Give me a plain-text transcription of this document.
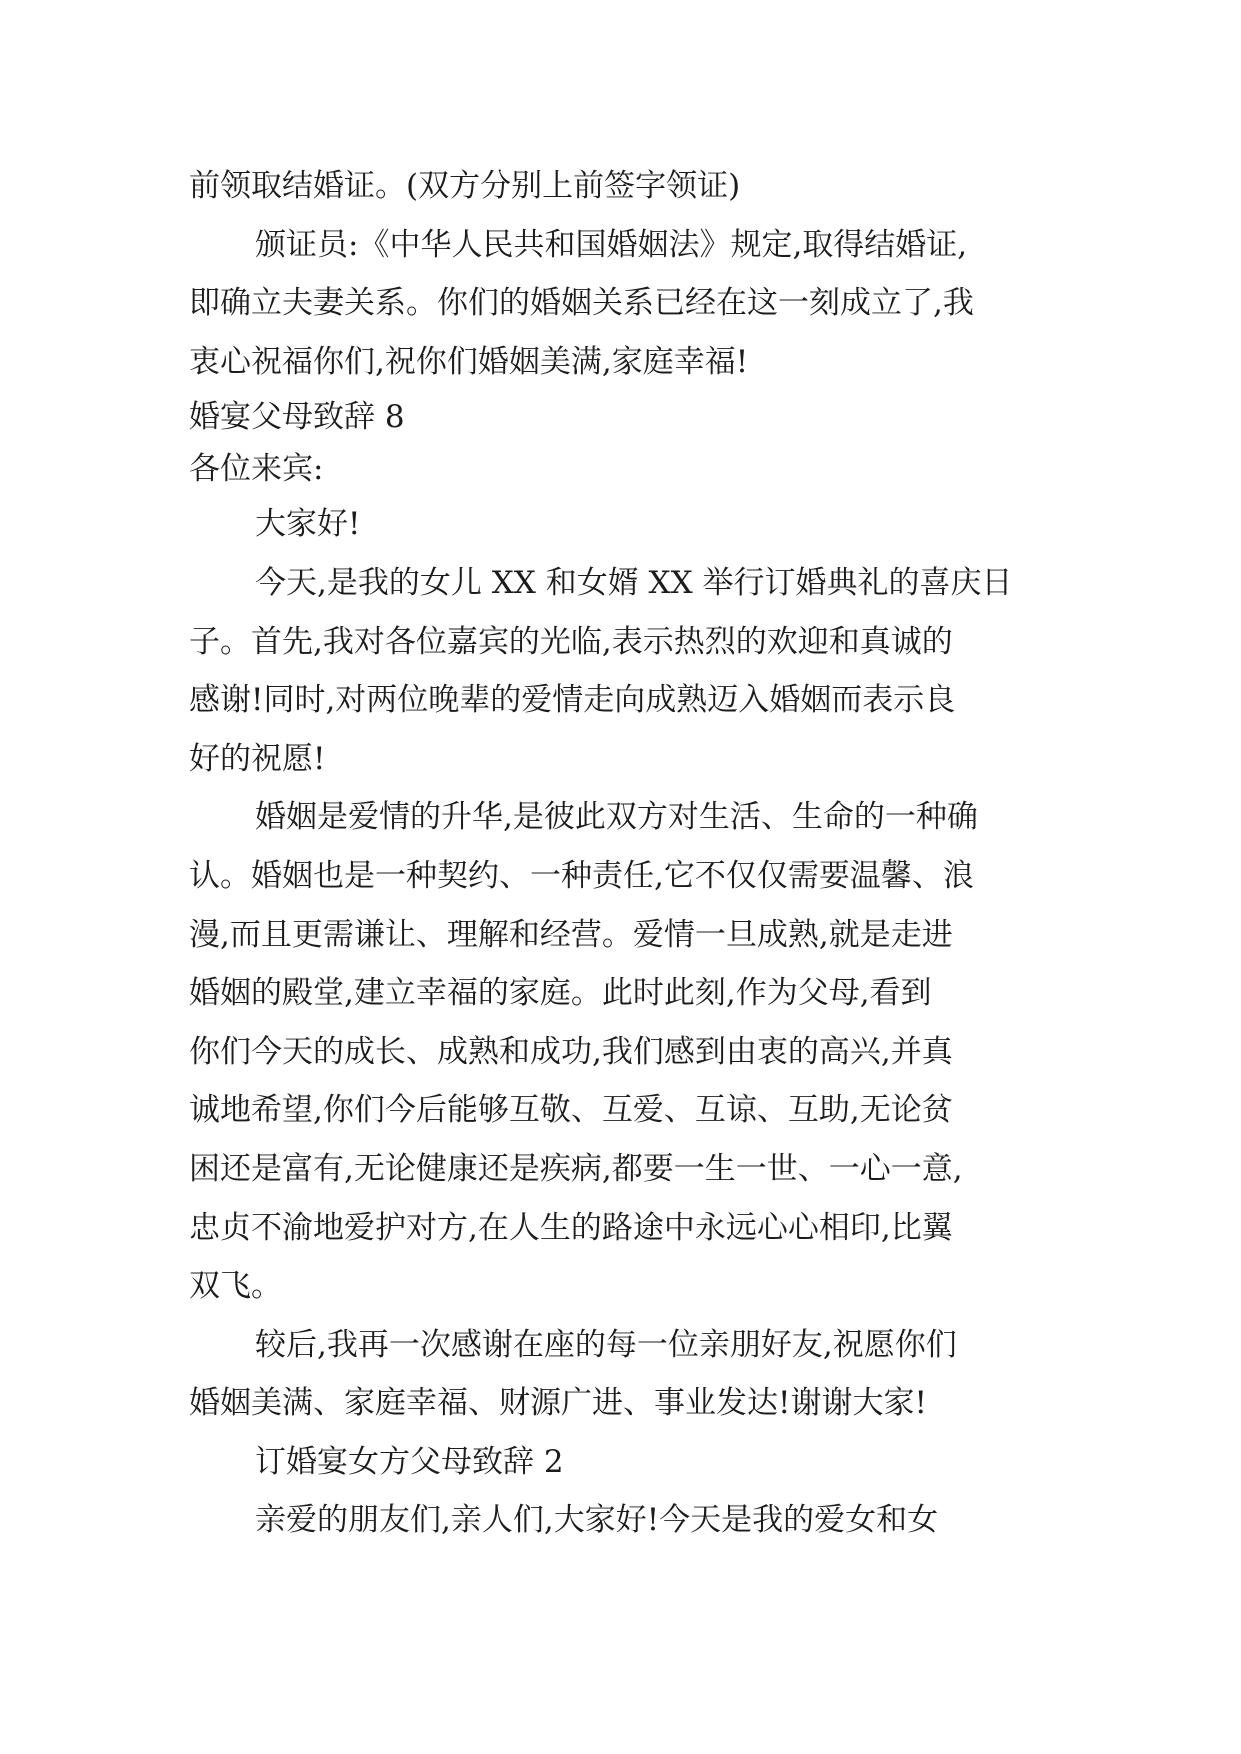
前领取结婚证。(双方分别上前签字领证)
颁证员:《中华人民共和国婚姻法》规定,取得结婚证,
即确立夫妻关系。你们的婚姻关系已经在这一刻成立了,我
衷心祝福你们,祝你们婚姻美满,家庭幸福!
婚宴父母致辞 8
各位来宾:
大家好!
今天,是我的女儿 XX 和女婿 XX 举行订婚典礼的喜庆日
子。首先,我对各位嘉宾的光临,表示热烈的欢迎和真诚的
感谢!同时,对两位晚辈的爱情走向成熟迈入婚姻而表示良
好的祝愿!
婚姻是爱情的升华,是彼此双方对生活、生命的一种确
认。婚姻也是一种契约、一种责任,它不仅仅需要温馨、浪
漫,而且更需谦让、理解和经营。爱情一旦成熟,就是走进
婚姻的殿堂,建立幸福的家庭。此时此刻,作为父母,看到
你们今天的成长、成熟和成功,我们感到由衷的高兴,并真
诚地希望,你们今后能够互敬、互爱、互谅、互助,无论贫
困还是富有,无论健康还是疾病,都要一生一世、一心一意,
忠贞不渝地爱护对方,在人生的路途中永远心心相印,比翼
双飞。
较后,我再一次感谢在座的每一位亲朋好友,祝愿你们
婚姻美满、家庭幸福、财源广进、事业发达!谢谢大家!
订婚宴女方父母致辞 2
亲爱的朋友们,亲人们,大家好!今天是我的爱女和女
